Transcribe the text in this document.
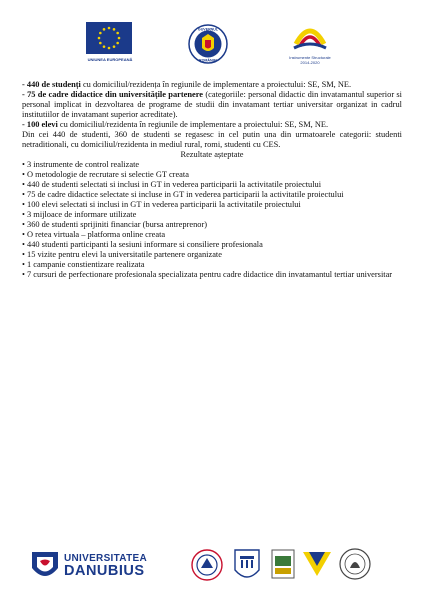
UNIUNEA EUROPEANĂ
GUVERNUL
ROMÂNIEI
Instrumente Structurale
2014-2020

- 440 de studenți cu domiciliul/rezidența în regiunile de implementare a proiectului: SE, SM, NE.

- 75 de cadre didactice din universitățile partenere (categoriile: personal didactic din invatamantul superior si personal implicat in dezvoltarea de programe de studii din invatamant tertiar universitar organizat in cadrul institutiilor de invatamant superior acreditate).

- 100 elevi cu domiciliul/rezidenta în regiunile de implementare a proiectului: SE, SM, NE.

Din cei 440 de studenti, 360 de studenti se regasesc in cel putin una din urmatoarele categorii: studenti netraditionali, cu domiciliul/rezidenta in mediul rural, romi, studenti cu CES.

Rezultate așteptate

• 3 instrumente de control realizate

• O metodologie de recrutare si selectie GT creata

• 440 de studenti selectati si inclusi in GT in vederea participarii la activitatile proiectului

• 75 de cadre didactice selectate si incluse in GT in vederea participarii la activitatile proiectului

• 100 elevi selectati si inclusi in GT in vederea participarii la activitatile proiectului

• 3 mijloace de informare utilizate

• 360 de studenti sprijiniti financiar (bursa antreprenor)

• O retea virtuala – platforma online creata

• 440 studenti participanti la sesiuni informare si consiliere profesionala

• 15 vizite pentru elevi la universitatile partenere organizate

• 1 campanie constientizare realizata

• 7 cursuri de perfectionare profesionala specializata pentru cadre didactice din invatamantul tertiar universitar

UNIVERSITATEA
DANUBIUS
